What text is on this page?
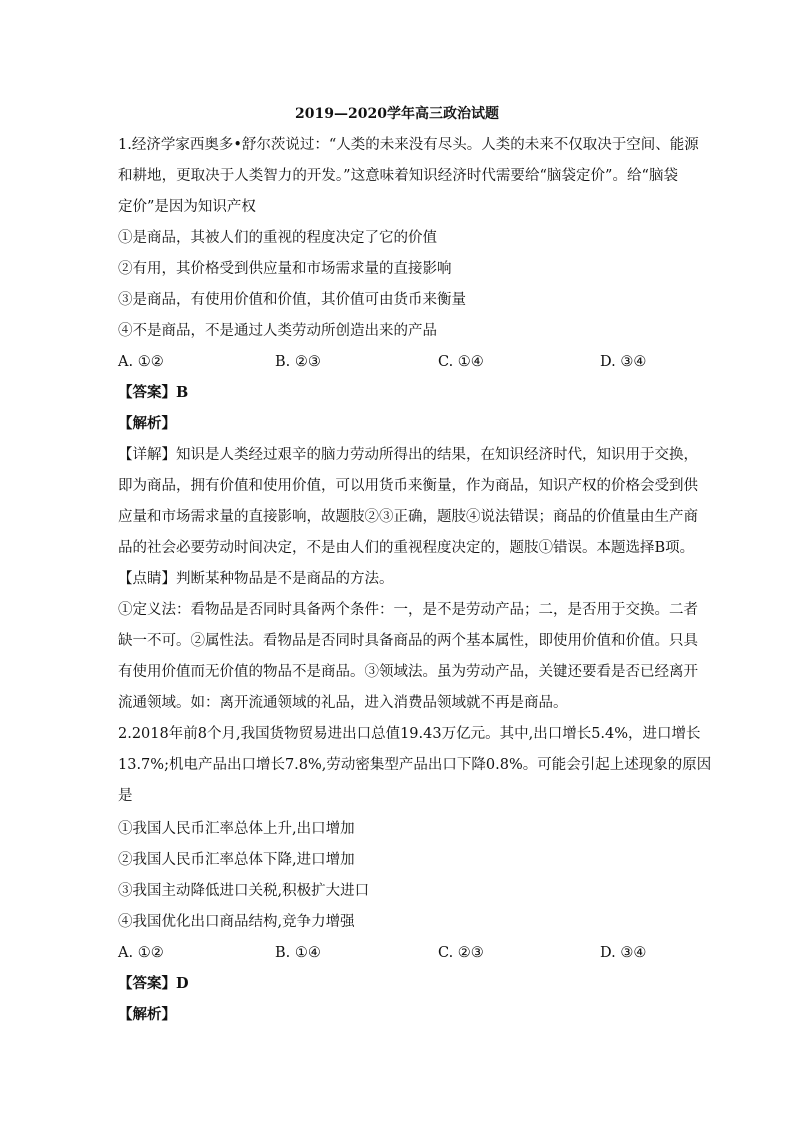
2019—2020学年高三政治试题
1.经济学家西奥多•舒尔茨说过：“人类的未来没有尽头。人类的未来不仅取决于空间、能源
和耕地，更取决于人类智力的开发。”这意味着知识经济时代需要给“脑袋定价”。给“脑袋
定价”是因为知识产权
①是商品，其被人们的重视的程度决定了它的价值
②有用，其价格受到供应量和市场需求量的直接影响
③是商品，有使用价值和价值，其价值可由货币来衡量
④不是商品，不是通过人类劳动所创造出来的产品
A. ①②	B. ②③	C. ①④	D. ③④
【答案】B
【解析】
【详解】知识是人类经过艰辛的脑力劳动所得出的结果，在知识经济时代，知识用于交换，
即为商品，拥有价值和使用价值，可以用货币来衡量，作为商品，知识产权的价格会受到供
应量和市场需求量的直接影响，故题肢②③正确，题肢④说法错误；商品的价值量由生产商
品的社会必要劳动时间决定，不是由人们的重视程度决定的，题肢①错误。本题选择B项。
【点睛】判断某种物品是不是商品的方法。
①定义法：看物品是否同时具备两个条件：一，是不是劳动产品；二，是否用于交换。二者
缺一不可。②属性法。看物品是否同时具备商品的两个基本属性，即使用价值和价值。只具
有使用价值而无价值的物品不是商品。③领域法。虽为劳动产品，关键还要看是否已经离开
流通领域。如：离开流通领域的礼品，进入消费品领域就不再是商品。
2.2018年前8个月,我国货物贸易进出口总值19.43万亿元。其中,出口增长5.4%，进口增长
13.7%;机电产品出口增长7.8%,劳动密集型产品出口下降0.8%。可能会引起上述现象的原因
是
①我国人民币汇率总体上升,出口增加
②我国人民币汇率总体下降,进口增加
③我国主动降低进口关税,积极扩大进口
④我国优化出口商品结构,竞争力增强
A. ①②	B. ①④	C. ②③	D. ③④
【答案】D
【解析】
